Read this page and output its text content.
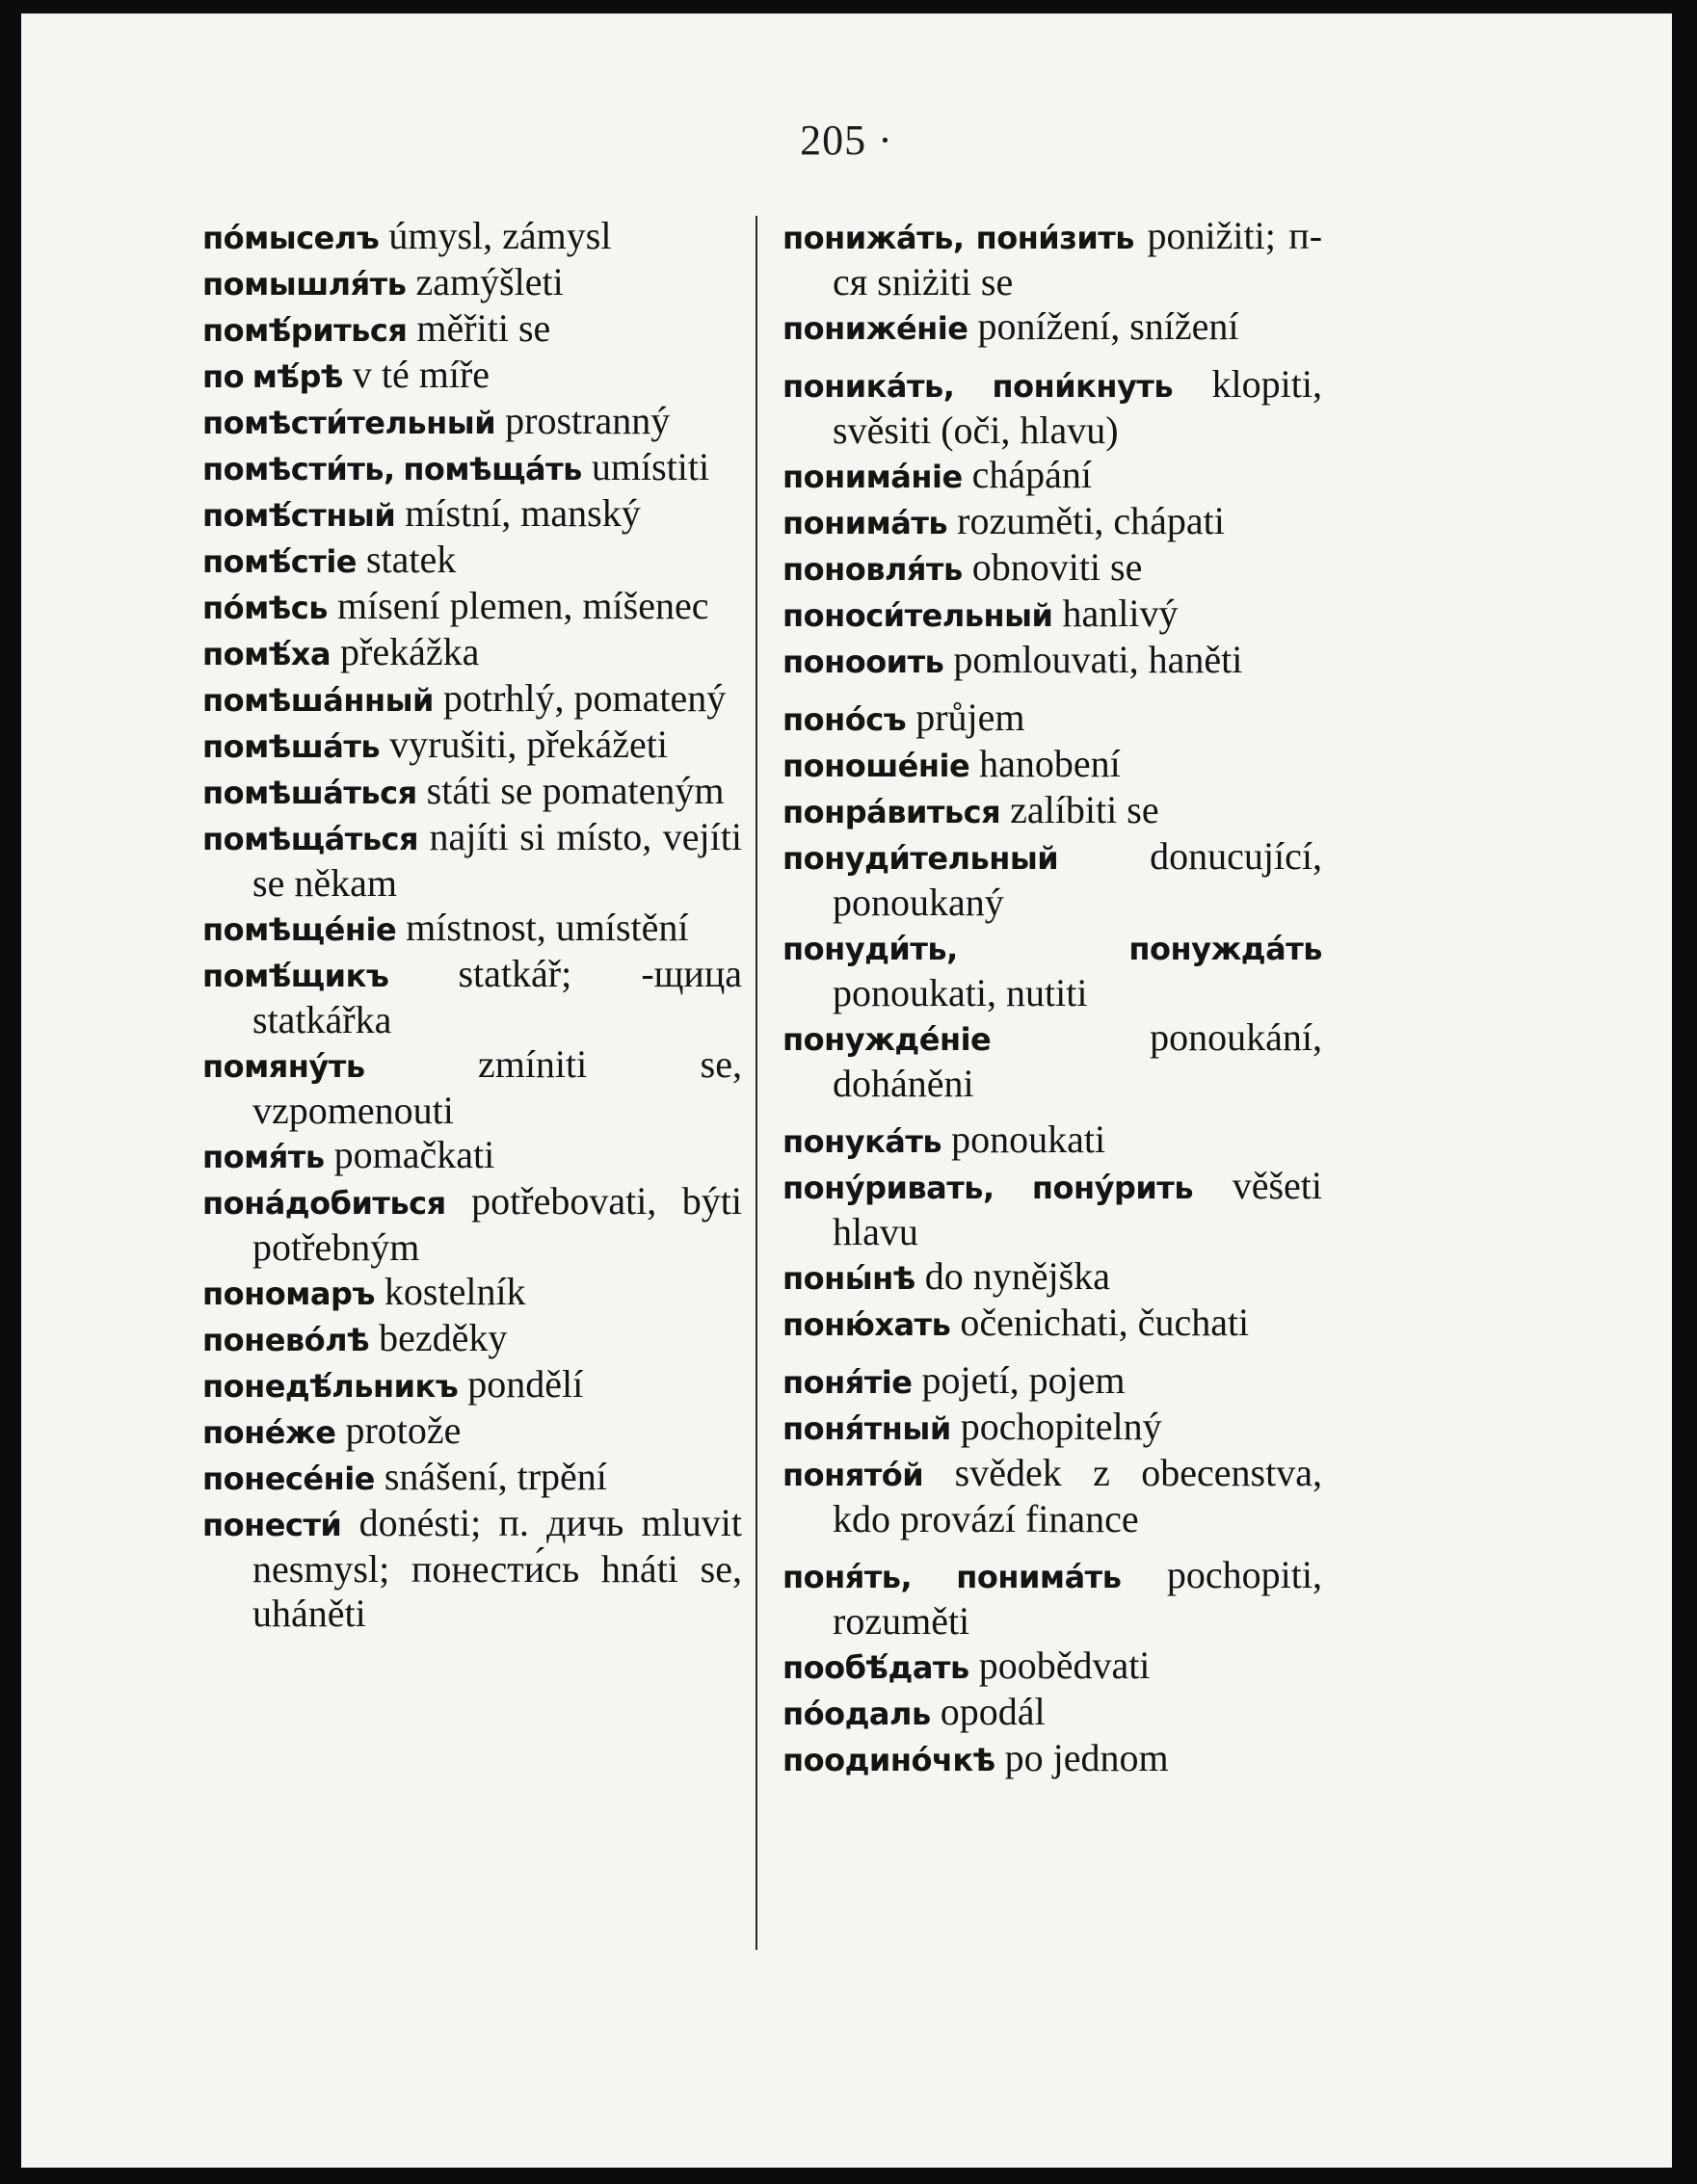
205 ·
по́мыселъ úmysl, zámysl
помышля́ть zamýšleti
помѣ́риться měřiti se
по мѣ́рѣ v té míře
помѣсти́тельный prostranný
помѣсти́ть, помѣща́ть umístiti
помѣ́стный místní, manský
помѣ́стіе statek
по́мѣсь mísení plemen, míšenec
помѣ́ха překážka
помѣша́нный potrhlý, pomatený
помѣша́ть vyrušiti, překážeti
помѣша́ться státi se pomateným
помѣща́ться najíti si místo, vejíti se někam
помѣще́ніе místnost, umístění
помѣ́щикъ statkář; -щица statkářka
помяну́ть	zmíniti se, vzpomenouti
помя́ть pomačkati
пона́добиться potřebovati, býti potřebným
пономаръ kostelník
понево́лѣ bezděky
понедѣ́льникъ pondělí
поне́же protože
понесе́ніе snášení, trpění
понести́ donésti; п. дичь mluvit nesmysl; понести́сь hnáti se, uháněti
понижа́ть, пони́зить ponižiti; п-ся sniżiti se
пониже́ніе ponížení, snížení
поника́ть, пони́кнуть klopiti, svěsiti (oči, hlavu)
понима́ніе chápání
понима́ть rozuměti, chápati
поновля́ть obnoviti se
поноси́тельный hanlivý
понооить pomlouvati, haněti
поно́съ průjem
поноше́ніе hanobení
понра́виться zalíbiti se
понуди́тельный donucující, ponoukaný
понуди́ть, понужда́ть ponoukati, nutiti
понужде́ніе	ponoukání, doháněni
понука́ть ponoukati
пону́ривать, пону́рить věšeti hlavu
поны́нѣ do nynějška
поню́хать očenichati, čuchati
поня́тіе pojetí, pojem
поня́тный pochopitelný
понято́й svědek z obecenstva, kdo provází finance
поня́ть, понима́ть pochopiti, rozuměti
пообѣ́дать poobědvati
по́одаль opodál
поодино́чкѣ po jednom
